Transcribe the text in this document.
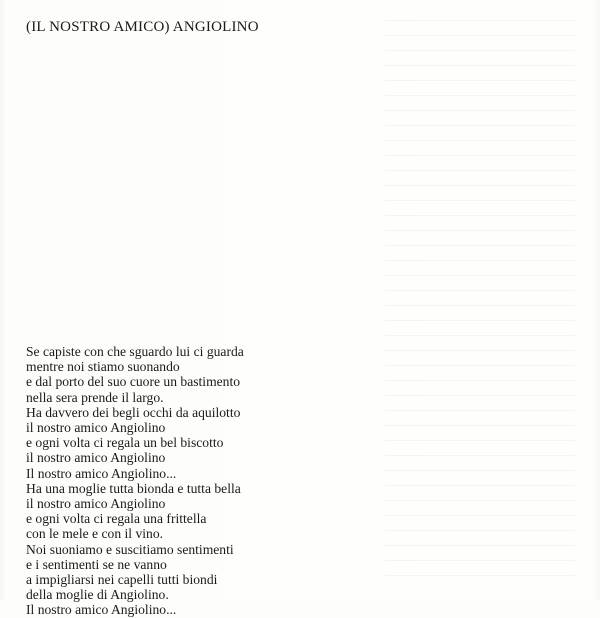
(IL NOSTRO AMICO) ANGIOLINO
Se capiste con che sguardo lui ci guarda
mentre noi stiamo suonando
e dal porto del suo cuore un bastimento
nella sera prende il largo.
Ha davvero dei begli occhi da aquilotto
il nostro amico Angiolino
e ogni volta ci regala un bel biscotto
il nostro amico Angiolino
Il nostro amico Angiolino...
Ha una moglie tutta bionda e tutta bella
il nostro amico Angiolino
e ogni volta ci regala una frittella
con le mele e con il vino.
Noi suoniamo e suscitiamo sentimenti
e i sentimenti se ne vanno
a impigliarsi nei capelli tutti biondi
della moglie di Angiolino.
Il nostro amico Angiolino...
